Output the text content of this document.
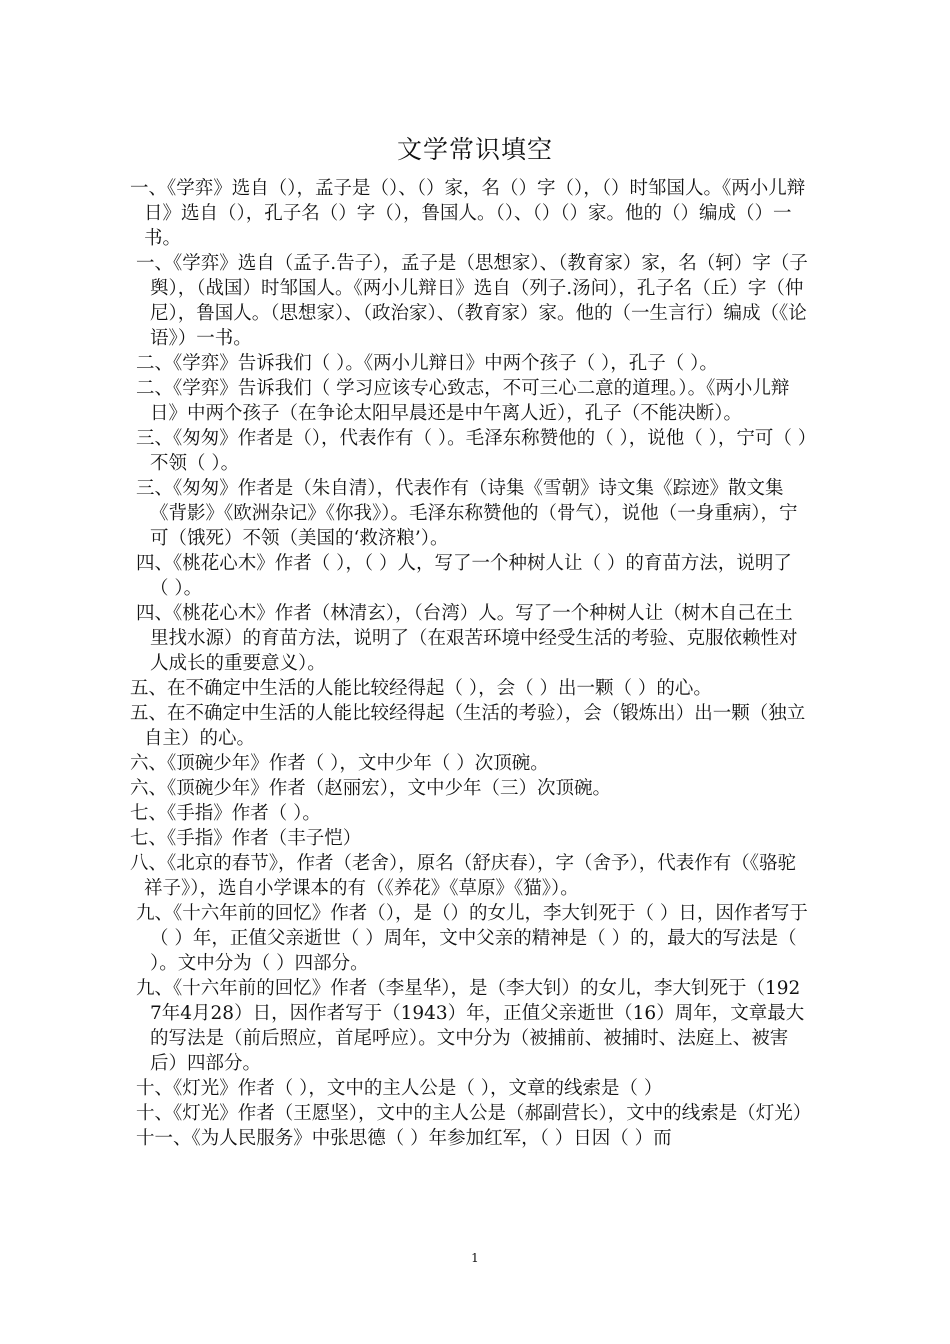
文学常识填空

一、《学弈》选自（），孟子是（）、（）家，名（）字（），（）时邹国人。《两小儿辩日》选自（），孔子名（）字（），鲁国人。（）、（）（）家。他的（）编成（）一书。

一、《学弈》选自（孟子.告子），孟子是（思想家）、（教育家）家，名（轲）字（子舆），（战国）时邹国人。《两小儿辩日》选自（列子.汤问），孔子名（丘）字（仲尼），鲁国人。（思想家）、（政治家）、（教育家）家。他的（一生言行）编成（《论语》）一书。

二、《学弈》告诉我们（ ）。《两小儿辩日》中两个孩子（ ），孔子（ ）。

二、《学弈》告诉我们（ 学习应该专心致志，不可三心二意的道理。）。《两小儿辩日》中两个孩子（在争论太阳早晨还是中午离人近），孔子（不能决断）。

三、《匆匆》作者是（），代表作有（ ）。毛泽东称赞他的（ ），说他（ ），宁可（ ）不领（ ）。

三、《匆匆》作者是（朱自清），代表作有（诗集《雪朝》诗文集《踪迹》散文集《背影》《欧洲杂记》《你我》）。毛泽东称赞他的（骨气），说他（一身重病），宁可（饿死）不领（美国的‘救济粮’）。

四、《桃花心木》作者（ ），（ ）人，写了一个种树人让（ ）的育苗方法，说明了（ ）。

四、《桃花心木》作者（林清玄），（台湾）人。写了一个种树人让（树木自己在土里找水源）的育苗方法，说明了（在艰苦环境中经受生活的考验、克服依赖性对人成长的重要意义）。

五、在不确定中生活的人能比较经得起（ ），会（ ）出一颗（ ）的心。

五、在不确定中生活的人能比较经得起（生活的考验），会（锻炼出）出一颗（独立自主）的心。

六、《顶碗少年》作者（ ），文中少年（ ）次顶碗。

六、《顶碗少年》作者（赵丽宏），文中少年（三）次顶碗。

七、《手指》作者（ ）。

七、《手指》作者（丰子恺）

八、《北京的春节》，作者（老舍），原名（舒庆春），字（舍予），代表作有（《骆驼祥子》），选自小学课本的有（《养花》《草原》《猫》）。

九、《十六年前的回忆》作者（），是（）的女儿，李大钊死于（ ）日，因作者写于（ ）年，正值父亲逝世（ ）周年，文中父亲的精神是（ ）的，最大的写法是（ ）。文中分为（ ）四部分。

九、《十六年前的回忆》作者（李星华），是（李大钊）的女儿，李大钊死于（1927年4月28）日，因作者写于（1943）年，正值父亲逝世（16）周年，文章最大的写法是（前后照应，首尾呼应）。文中分为（被捕前、被捕时、法庭上、被害后）四部分。

十、《灯光》作者（ ），文中的主人公是（ ），文章的线索是（ ）

十、《灯光》作者（王愿坚），文中的主人公是（郝副营长），文中的线索是（灯光）

十一、《为人民服务》中张思德（ ）年参加红军，（ ）日因（ ）而

1
